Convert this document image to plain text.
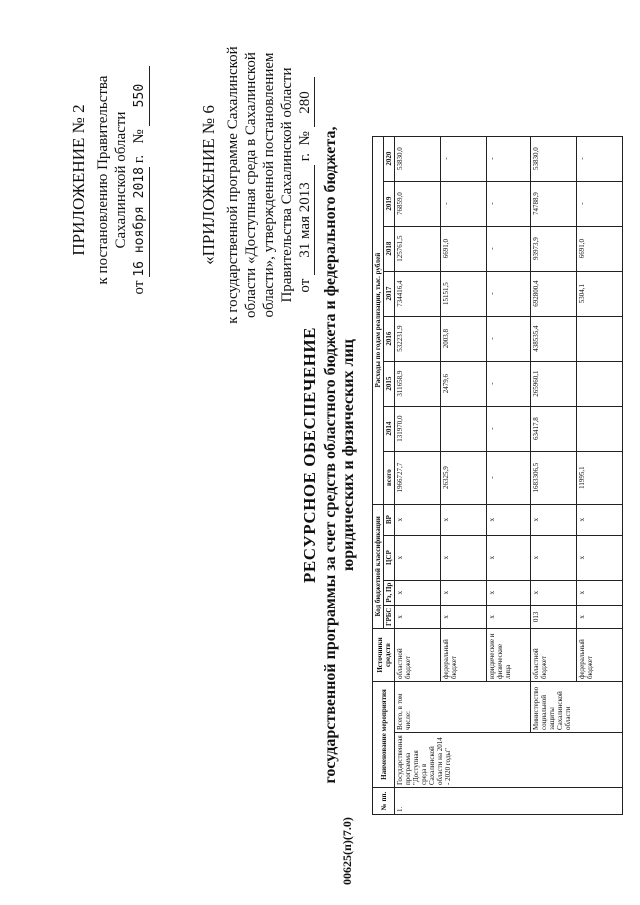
ПРИЛОЖЕНИЕ № 2 к постановлению Правительства Сахалинской области
от 16 ноября 2018 г.   № 550
«ПРИЛОЖЕНИЕ № 6 к государственной программе Сахалинской области «Доступная среда в Сахалинской области», утвержденной постановлением Правительства Сахалинской области от 31 мая 2013 г.  № 280
РЕСУРСНОЕ ОБЕСПЕЧЕНИЕ государственной программы за счет средств областного бюджета и федерального бюджета, юридических и физических лиц
№ пп.	Наименование мероприятия		Источники средств	Код бюджетной классификации				Расходы по годам реализации, тыс. рублей							
				ГРБС	Рз, Пр	ЦСР	ВР	всего	2014	2015	2016	2017	2018	2019	2020
1.	Государственная программа "Доступная среда в Сахалинской области на 2014 - 2020 годы"	Всего, в том числе:	областной бюджет	x	x	x	x	1966727,7	131970,0	311658,9	532231,9	734416,4	125761,5	76859,0	53830,0
			федеральный бюджет	x	x	x	x	26325,9		2479,6	2003,8	15151,5	6691,0	-	-
			юридические и физические лица	x	x	x	x	-	-	-	-	-	-	-	-
		Министерство социальной защиты Сахалинской области	областной бюджет	013	x	x	x	1683306,5	63417,8	265960,1	438535,4	692800,4	93973,9	74788,9	53830,0
			федеральный бюджет	x	x	x	x	11995,1				5304,1	6691,0	-	-
00625(п)(7.0)
